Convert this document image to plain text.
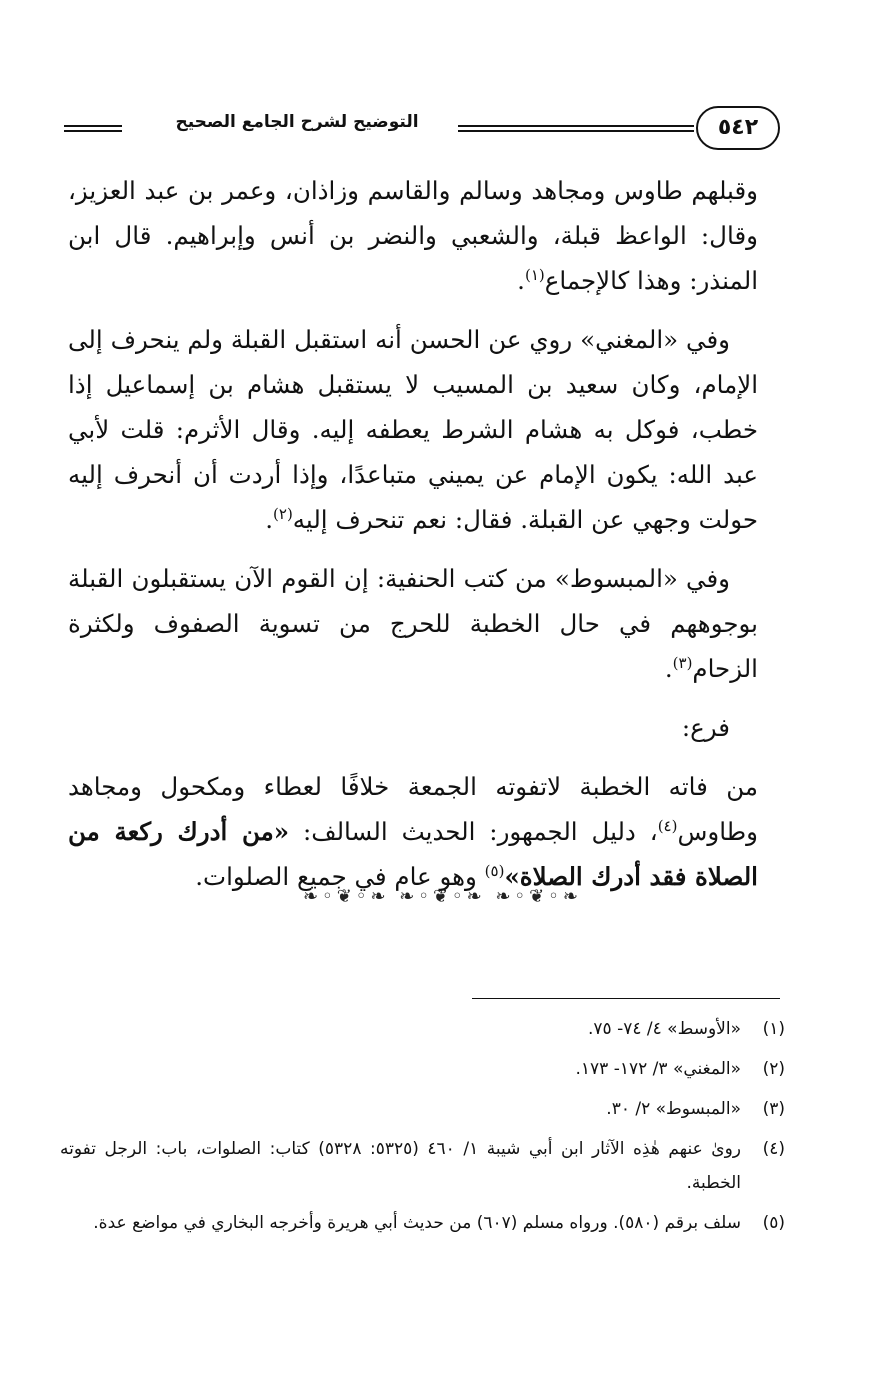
٥٤٢
التوضيح لشرح الجامع الصحيح

وقبلهم طاوس ومجاهد وسالم والقاسم وزاذان، وعمر بن عبد العزيز، وقال: الواعظ قبلة، والشعبي والنضر بن أنس وإبراهيم. قال ابن المنذر: وهذا كالإجماع$^{(١)}$.

وفي «المغني» روي عن الحسن أنه استقبل القبلة ولم ينحرف إلى الإمام، وكان سعيد بن المسيب لا يستقبل هشام بن إسماعيل إذا خطب، فوكل به هشام الشرط يعطفه إليه. وقال الأثرم: قلت لأبي عبد الله: يكون الإمام عن يميني متباعدًا، وإذا أردت أن أنحرف إليه حولت وجهي عن القبلة. فقال: نعم تنحرف إليه$^{(٢)}$.

وفي «المبسوط» من كتب الحنفية: إن القوم الآن يستقبلون القبلة بوجوههم في حال الخطبة للحرج من تسوية الصفوف ولكثرة الزحام$^{(٣)}$.

فرع:

من فاته الخطبة لاتفوته الجمعة خلافًا لعطاء ومكحول ومجاهد وطاوس$^{(٤)}$، دليل الجمهور: الحديث السالف: «من أدرك ركعة من الصلاة فقد أدرك الصلاة»$^{(٥)}$ وهو عام في جميع الصلوات.

❧◦❦◦❧ ❧◦❦◦❧ ❧◦❦◦❧
(١)
«الأوسط» ٤/ ٧٤- ٧٥.
(٢)
«المغني» ٣/ ١٧٢- ١٧٣.
(٣)
«المبسوط» ٢/ ٣٠.
(٤)
روىٰ عنهم هٰذِه الآثار ابن أبي شيبة ١/ ٤٦٠ (٥٣٢٥: ٥٣٢٨) كتاب: الصلوات، باب: الرجل تفوته الخطبة.
(٥)
سلف برقم (٥٨٠). ورواه مسلم (٦٠٧) من حديث أبي هريرة وأخرجه البخاري في مواضع عدة.
